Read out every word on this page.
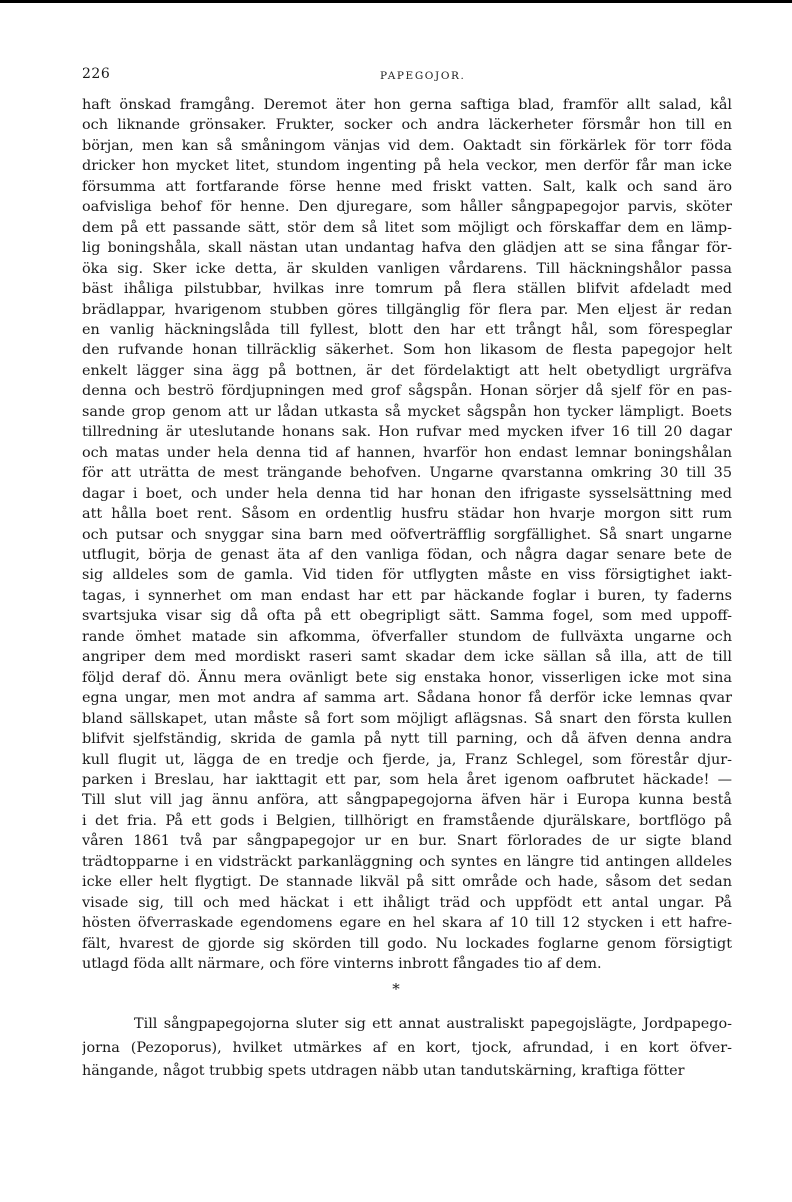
226	PAPEGOJOR.
haft önskad framgång. Deremot äter hon gerna saftiga blad, framför allt salad, kål
och liknande grönsaker. Frukter, socker och andra läckerheter försmår hon till en
början, men kan så småningom vänjas vid dem. Oaktadt sin förkärlek för torr föda
dricker hon mycket litet, stundom ingenting på hela veckor, men derför får man icke
försumma att fortfarande förse henne med friskt vatten. Salt, kalk och sand äro
oafvisliga behof för henne. Den djuregare, som håller sångpapegojor parvis, sköter
dem på ett passande sätt, stör dem så litet som möjligt och förskaffar dem en lämp-
lig boningshåla, skall nästan utan undantag hafva den glädjen att se sina fångar för-
öka sig. Sker icke detta, är skulden vanligen vårdarens. Till häckningshålor passa
bäst ihåliga pilstubbar, hvilkas inre tomrum på flera ställen blifvit afdeladt med
brädlappar, hvarigenom stubben göres tillgänglig för flera par. Men eljest är redan
en vanlig häckningslåda till fyllest, blott den har ett trångt hål, som förespeglar
den rufvande honan tillräcklig säkerhet. Som hon likasom de flesta papegojor helt
enkelt lägger sina ägg på bottnen, är det fördelaktigt att helt obetydligt urgräfva
denna och beströ fördjupningen med grof sågspån. Honan sörjer då sjelf för en pas-
sande grop genom att ur lådan utkasta så mycket sågspån hon tycker lämpligt. Boets
tillredning är uteslutande honans sak. Hon rufvar med mycken ifver 16 till 20 dagar
och matas under hela denna tid af hannen, hvarför hon endast lemnar boningshålan
för att uträtta de mest trängande behofven. Ungarne qvarstanna omkring 30 till 35
dagar i boet, och under hela denna tid har honan den ifrigaste sysselsättning med
att hålla boet rent. Såsom en ordentlig husfru städar hon hvarje morgon sitt rum
och putsar och snyggar sina barn med oöfverträfflig sorgfällighet. Så snart ungarne
utflugit, börja de genast äta af den vanliga födan, och några dagar senare bete de
sig alldeles som de gamla. Vid tiden för utflygten måste en viss försigtighet iakt-
tagas, i synnerhet om man endast har ett par häckande foglar i buren, ty faderns
svartsjuka visar sig då ofta på ett obegripligt sätt. Samma fogel, som med uppoff-
rande ömhet matade sin afkomma, öfverfaller stundom de fullväxta ungarne och
angriper dem med mordiskt raseri samt skadar dem icke sällan så illa, att de till
följd deraf dö. Ännu mera ovänligt bete sig enstaka honor, visserligen icke mot sina
egna ungar, men mot andra af samma art. Sådana honor få derför icke lemnas qvar
bland sällskapet, utan måste så fort som möjligt aflägsnas. Så snart den första kullen
blifvit sjelfständig, skrida de gamla på nytt till parning, och då äfven denna andra
kull flugit ut, lägga de en tredje och fjerde, ja, Franz Schlegel, som förestår djur-
parken i Breslau, har iakttagit ett par, som hela året igenom oafbrutet häckade! —
Till slut vill jag ännu anföra, att sångpapegojorna äfven här i Europa kunna bestå
i det fria. På ett gods i Belgien, tillhörigt en framstående djurälskare, bortflögo på
våren 1861 två par sångpapegojor ur en bur. Snart förlorades de ur sigte bland
trädtopparne i en vidsträckt parkanläggning och syntes en längre tid antingen alldeles
icke eller helt flygtigt. De stannade likväl på sitt område och hade, såsom det sedan
visade sig, till och med häckat i ett ihåligt träd och uppfödt ett antal ungar. På
hösten öfverraskade egendomens egare en hel skara af 10 till 12 stycken i ett hafre-
fält, hvarest de gjorde sig skörden till godo. Nu lockades foglarne genom försigtigt
utlagd föda allt närmare, och före vinterns inbrott fångades tio af dem.
*
Till sångpapegojorna sluter sig ett annat australiskt papegojslägte, Jordpapego-
jorna (Pezoporus), hvilket utmärkes af en kort, tjock, afrundad, i en kort öfver-
hängande, något trubbig spets utdragen näbb utan tandutskärning, kraftiga fötter
